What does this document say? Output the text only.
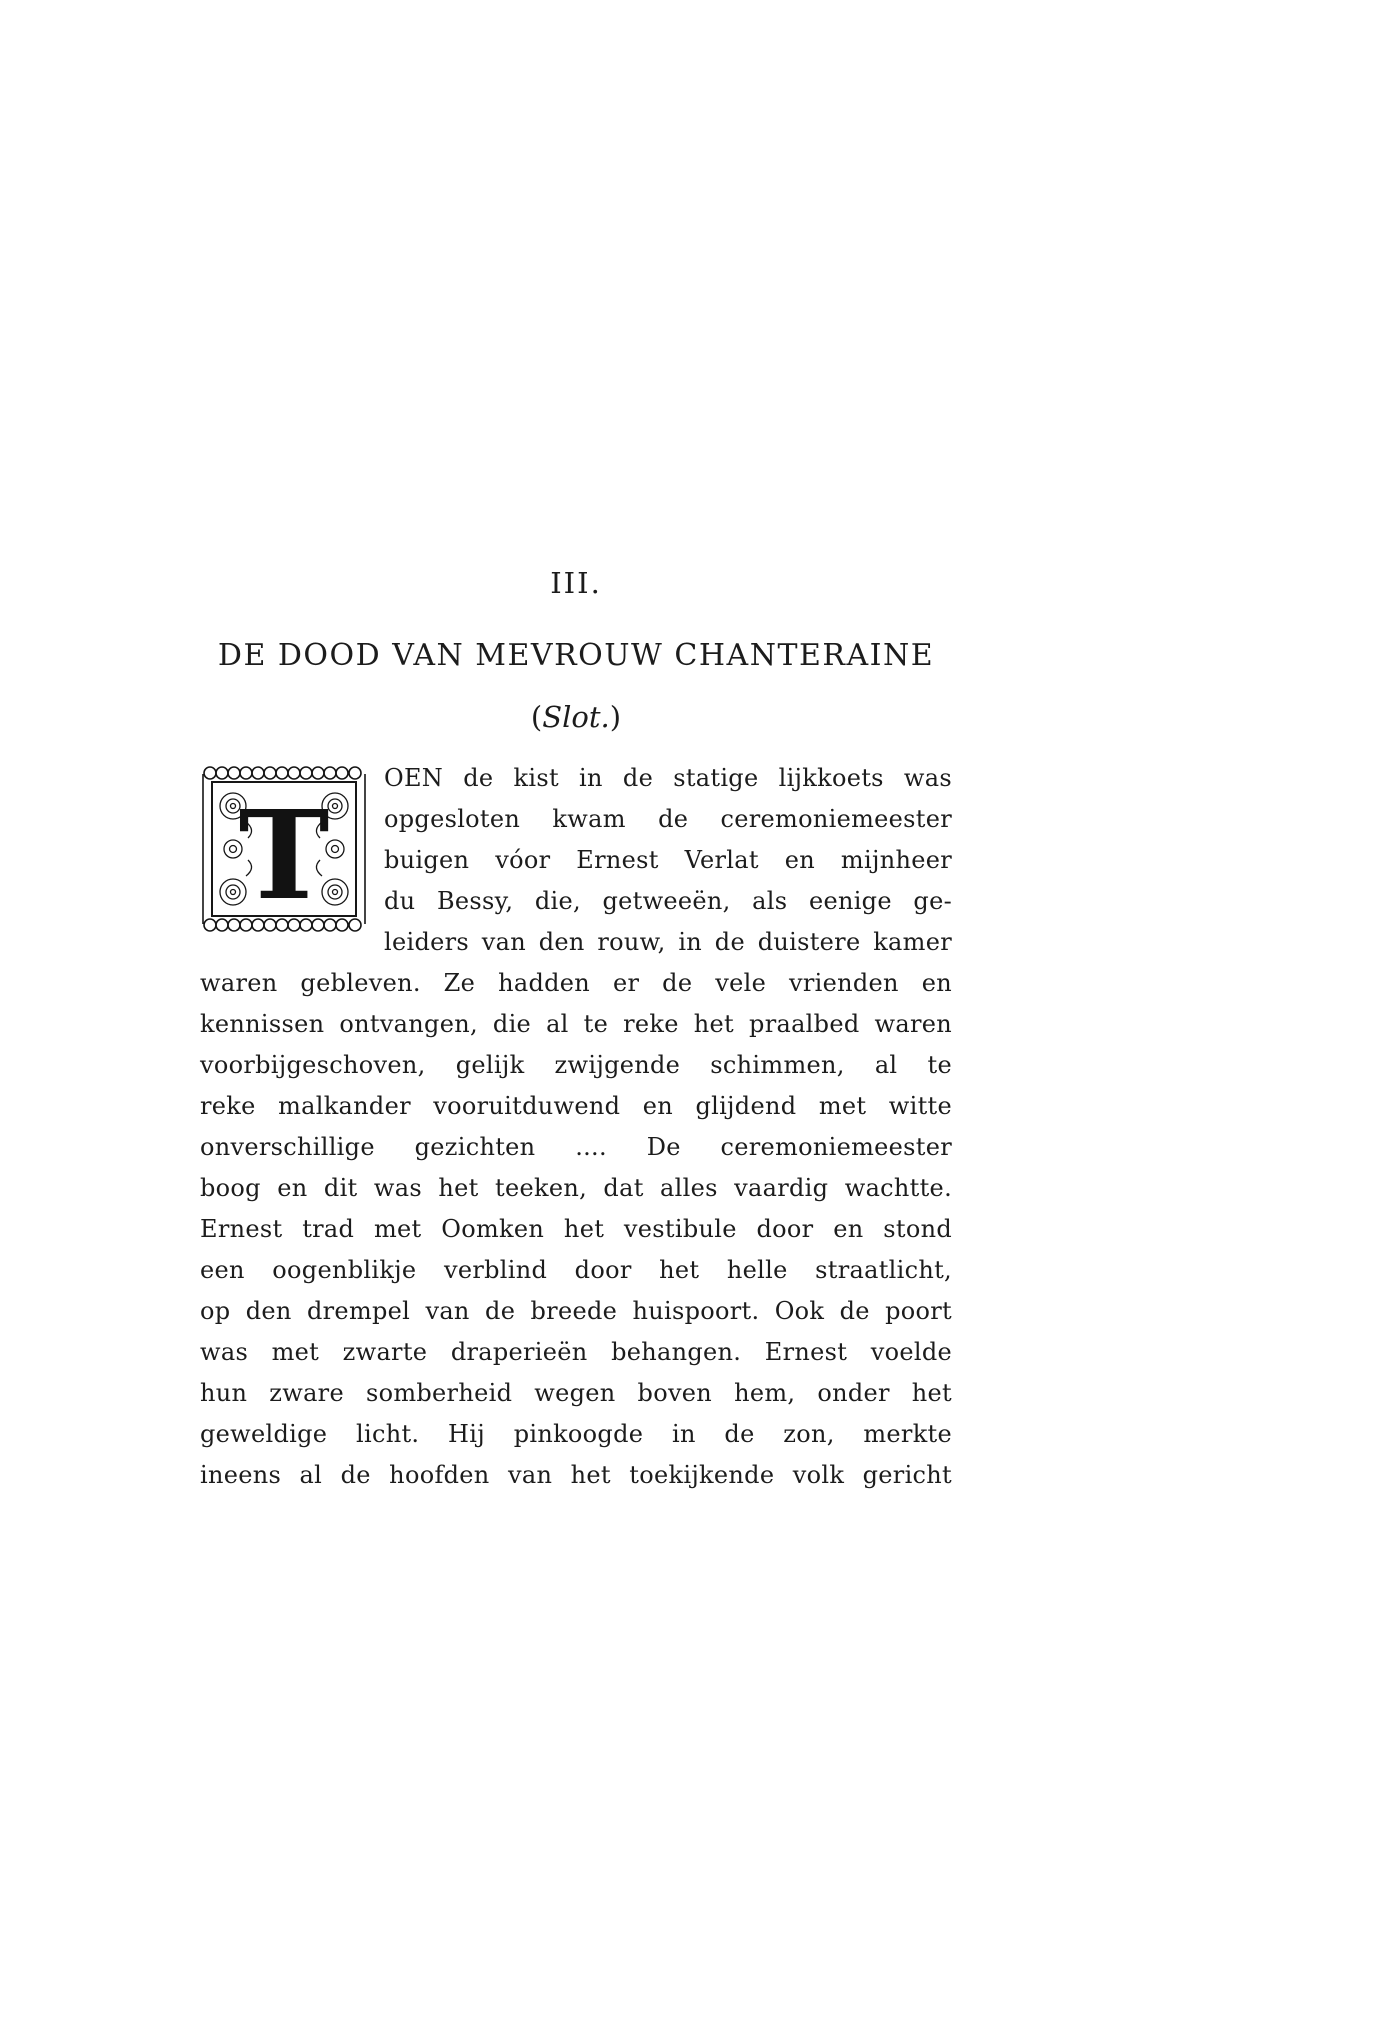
III.
DE DOOD VAN MEVROUW CHANTERAINE
(Slot.)
T
OEN de kist in de statige lijkkoets was
opgesloten kwam de ceremoniemeester
buigen vóor Ernest Verlat en mijnheer
du Bessy, die, getweeën, als eenige ge-
leiders van den rouw, in de duistere kamer
waren gebleven. Ze hadden er de vele vrienden en
kennissen ontvangen, die al te reke het praalbed waren
voorbijgeschoven, gelijk zwijgende schimmen, al te
reke malkander vooruitduwend en glijdend met witte
onverschillige gezichten .... De ceremoniemeester
boog en dit was het teeken, dat alles vaardig wachtte.
Ernest trad met Oomken het vestibule door en stond
een oogenblikje verblind door het helle straatlicht,
op den drempel van de breede huispoort. Ook de poort
was met zwarte draperieën behangen. Ernest voelde
hun zware somberheid wegen boven hem, onder het
geweldige licht. Hij pinkoogde in de zon, merkte
ineens al de hoofden van het toekijkende volk gericht
